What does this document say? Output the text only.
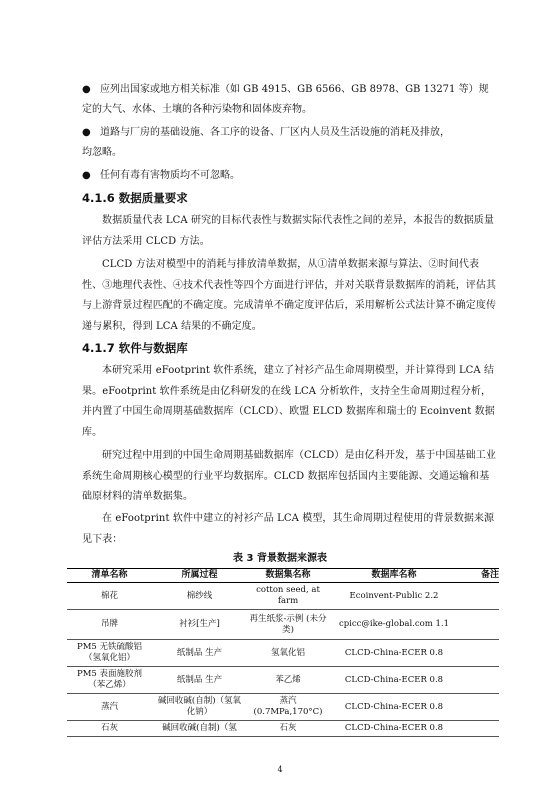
● 应列出国家或地方相关标准（如 GB 4915、GB 6566、GB 8978、GB 13271 等）规
定的大气、水体、土壤的各种污染物和固体废弃物。
● 道路与厂房的基础设施、各工序的设备、厂区内人员及生活设施的消耗及排放，
均忽略。
● 任何有毒有害物质均不可忽略。
4.1.6 数据质量要求
数据质量代表 LCA 研究的目标代表性与数据实际代表性之间的差异，本报告的数据质量评估方法采用 CLCD 方法。
CLCD 方法对模型中的消耗与排放清单数据，从①清单数据来源与算法、②时间代表性、③地理代表性、④技术代表性等四个方面进行评估，并对关联背景数据库的消耗，评估其与上游背景过程匹配的不确定度。完成清单不确定度评估后，采用解析公式法计算不确定度传递与累积，得到 LCA 结果的不确定度。
4.1.7 软件与数据库
本研究采用 eFootprint 软件系统，建立了衬衫产品生命周期模型，并计算得到 LCA 结果。eFootprint 软件系统是由亿科研发的在线 LCA 分析软件，支持全生命周期过程分析，并内置了中国生命周期基础数据库（CLCD）、欧盟 ELCD 数据库和瑞士的 Ecoinvent 数据库。
研究过程中用到的中国生命周期基础数据库（CLCD）是由亿科开发，基于中国基础工业系统生命周期核心模型的行业平均数据库。CLCD 数据库包括国内主要能源、交通运输和基础原材料的清单数据集。
在 eFootprint 软件中建立的衬衫产品 LCA 模型，其生命周期过程使用的背景数据来源见下表：
表 3 背景数据来源表
清单名称	所属过程	数据集名称	数据库名称	备注
棉花	棉纱线	cotton seed, at farm	Ecoinvent-Public 2.2	
吊牌	衬衫[生产]	再生纸浆-示例 (未分类)	cpicc@ike-global.com 1.1	
PM5 无铁硫酸铝（氢氧化铝）	纸制品 生产	氢氧化铝	CLCD-China-ECER 0.8	
PM5 表面施胶剂（苯乙烯）	纸制品 生产	苯乙烯	CLCD-China-ECER 0.8	
蒸汽	碱回收碱(自制)（氢氧化钠）	蒸汽 (0.7MPa,170°C)	CLCD-China-ECER 0.8	
石灰	碱回收碱(自制)（氢	石灰	CLCD-China-ECER 0.8	
4
